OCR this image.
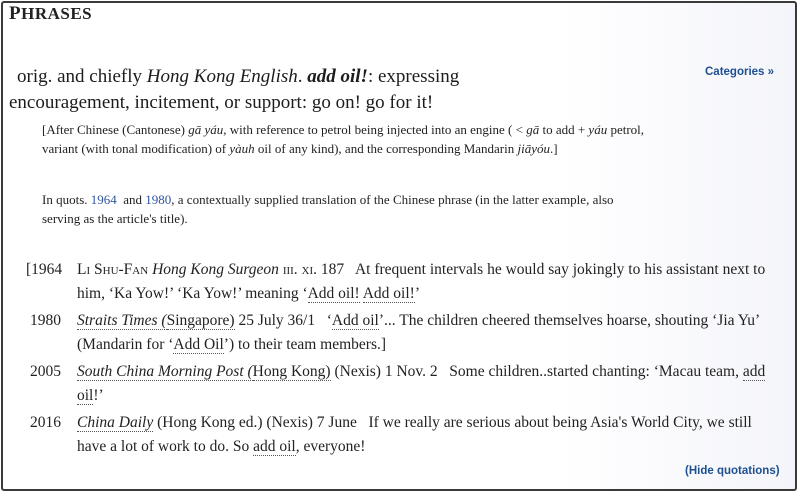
PHRASES
Categories »
orig. and chiefly Hong Kong English. add oil!: expressing
encouragement, incitement, or support: go on! go for it!
[After Chinese (Cantonese) gā yáu, with reference to petrol being injected into an engine ( < gā to add + yáu petrol, variant (with tonal modification) of yàuh oil of any kind), and the corresponding Mandarin jiāyóu.]
In quots. 1964  and 1980, a contextually supplied translation of the Chinese phrase (in the latter example, also serving as the article's title).
[1964 Li Shu-Fan Hong Kong Surgeon iii. xi. 187   At frequent intervals he would say jokingly to his assistant next to him, ‘Ka Yow!’ ‘Ka Yow!’ meaning ‘Add oil! Add oil!’
1980 Straits Times (Singapore) 25 July 36/1   ‘Add oil’... The children cheered themselves hoarse, shouting ‘Jia Yu’ (Mandarin for ‘Add Oil’) to their team members.]
2005 South China Morning Post (Hong Kong) (Nexis) 1 Nov. 2   Some children..started chanting: ‘Macau team, add oil!’
2016 China Daily (Hong Kong ed.) (Nexis) 7 June   If we really are serious about being Asia's World City, we still have a lot of work to do. So add oil, everyone!
(Hide quotations)
